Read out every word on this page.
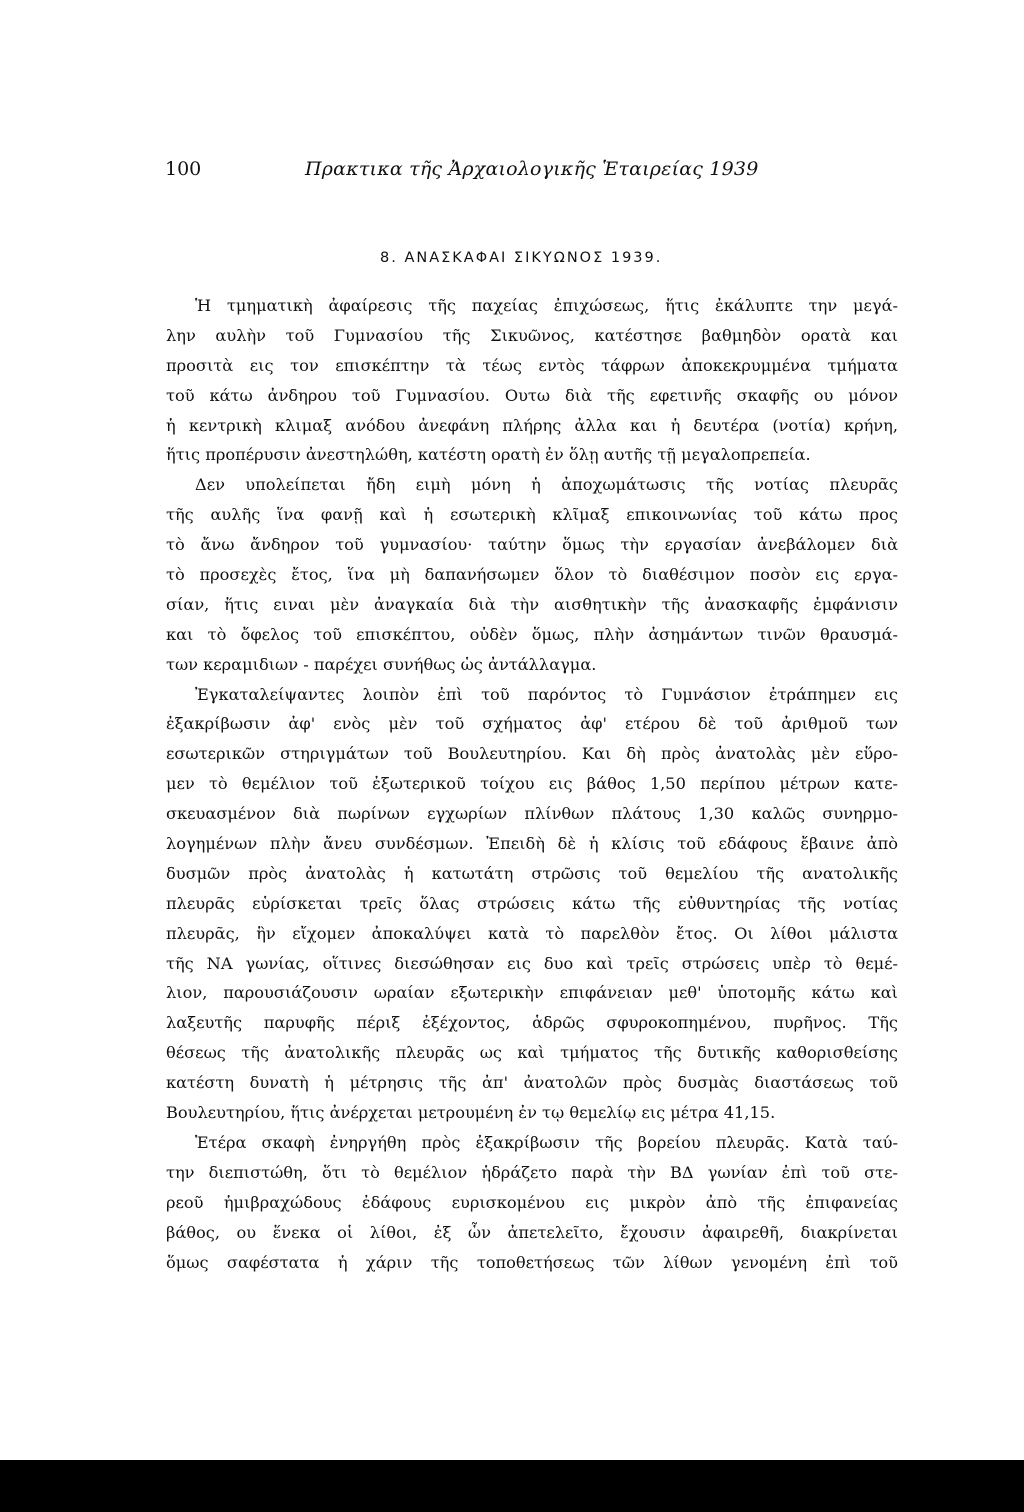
100	Πρακτικα τῆς Ἀρχαιολογικῆς Ἑταιρείας 1939
8. ΑΝΑΣΚΑΦΑΙ ΣΙΚΥΩΝΟΣ 1939.
Ἡ τμηματικὴ ἀφαίρεσις τῆς παχείας ἐπιχώσεως, ἥτις ἐκάλυπτε την μεγά-
λην αυλὴν τοῦ Γυμνασίου τῆς Σικυῶνος, κατέστησε βαθμηδὸν ορατὰ και
προσιτὰ εις τον επισκέπτην τὰ τέως εντὸς τάφρων ἀποκεκρυμμένα τμήματα
τοῦ κάτω ἀνδηρου τοῦ Γυμνασίου. Ουτω διὰ τῆς εφετινῆς σκαφῆς ου μόνον
ἡ κεντρικὴ κλιμαξ ανόδου ἀνεφάνη πλήρης ἀλλα και ἡ δευτέρα (νοτία) κρήνη,
ἥτις προπέρυσιν ἀνεστηλώθη, κατέστη ορατὴ ἐν ὅλῃ αυτῆς τῇ μεγαλοπρεπεία.
Δεν υπολείπεται ἤδη ειμὴ μόνη ἡ ἀποχωμάτωσις τῆς νοτίας πλευρᾶς
τῆς αυλῆς ἵνα φανῇ καὶ ἡ εσωτερικὴ κλῖμαξ επικοινωνίας τοῦ κάτω προς
τὸ ἄνω ἄνδηρον τοῦ γυμνασίου· ταύτην ὅμως τὴν εργασίαν ἀνεβάλομεν διὰ
τὸ προσεχὲς ἔτος, ἵνα μὴ δαπανήσωμεν ὅλον τὸ διαθέσιμον ποσὸν εις εργα-
σίαν, ἥτις ειναι μὲν ἀναγκαία διὰ τὴν αισθητικὴν τῆς ἀνασκαφῆς ἐμφάνισιν
και τὸ ὄφελος τοῦ επισκέπτου, οὐδὲν ὅμως, πλὴν ἀσημάντων τινῶν θραυσμά-
των κεραμιδιων - παρέχει συνήθως ὡς ἀντάλλαγμα.
Ἐγκαταλείψαντες λοιπὸν ἐπὶ τοῦ παρόντος τὸ Γυμνάσιον ἐτράπημεν εις
ἐξακρίβωσιν ἀφ' ενὸς μὲν τοῦ σχήματος ἀφ' ετέρου δὲ τοῦ ἀριθμοῦ των
εσωτερικῶν στηριγμάτων τοῦ Βουλευτηρίου. Και δὴ πρὸς ἀνατολὰς μὲν εὕρο-
μεν τὸ θεμέλιον τοῦ ἐξωτερικοῦ τοίχου εις βάθος 1,50 περίπου μέτρων κατε-
σκευασμένον διὰ πωρίνων εγχωρίων πλίνθων πλάτους 1,30 καλῶς συνηρμο-
λογημένων πλὴν ἄνευ συνδέσμων. Ἐπειδὴ δὲ ἡ κλίσις τοῦ εδάφους ἔβαινε ἀπὸ
δυσμῶν πρὸς ἀνατολὰς ἡ κατωτάτη στρῶσις τοῦ θεμελίου τῆς ανατολικῆς
πλευρᾶς εὑρίσκεται τρεῖς ὅλας στρώσεις κάτω τῆς εὐθυντηρίας τῆς νοτίας
πλευρᾶς, ἣν εἴχομεν ἀποκαλύψει κατὰ τὸ παρελθὸν ἔτος. Οι λίθοι μάλιστα
τῆς ΝΑ γωνίας, οἵτινες διεσώθησαν εις δυο καὶ τρεῖς στρώσεις υπὲρ τὸ θεμέ-
λιον, παρουσιάζουσιν ωραίαν εξωτερικὴν επιφάνειαν μεθ' ὑποτομῆς κάτω καὶ
λαξευτῆς παρυφῆς πέριξ ἐξέχοντος, ἁδρῶς σφυροκοπημένου, πυρῆνος. Τῆς
θέσεως τῆς ἀνατολικῆς πλευρᾶς ως καὶ τμήματος τῆς δυτικῆς καθορισθείσης
κατέστη δυνατὴ ἡ μέτρησις τῆς ἀπ' ἀνατολῶν πρὸς δυσμὰς διαστάσεως τοῦ
Βουλευτηρίου, ἥτις ἀνέρχεται μετρουμένη ἐν τῳ θεμελίῳ εις μέτρα 41,15.
Ἑτέρα σκαφὴ ἐνηργήθη πρὸς ἐξακρίβωσιν τῆς βορείου πλευρᾶς. Κατὰ ταύ-
την διεπιστώθη, ὅτι τὸ θεμέλιον ἡδράζετο παρὰ τὴν ΒΔ γωνίαν ἐπὶ τοῦ στε-
ρεοῦ ἡμιβραχώδους ἐδάφους ευρισκομένου εις μικρὸν ἀπὸ τῆς ἐπιφανείας
βάθος, ου ἕνεκα οἱ λίθοι, ἐξ ὧν ἀπετελεῖτο, ἔχουσιν ἀφαιρεθῆ, διακρίνεται
ὅμως σαφέστατα ἡ χάριν τῆς τοποθετήσεως τῶν λίθων γενομένη ἐπὶ τοῦ
